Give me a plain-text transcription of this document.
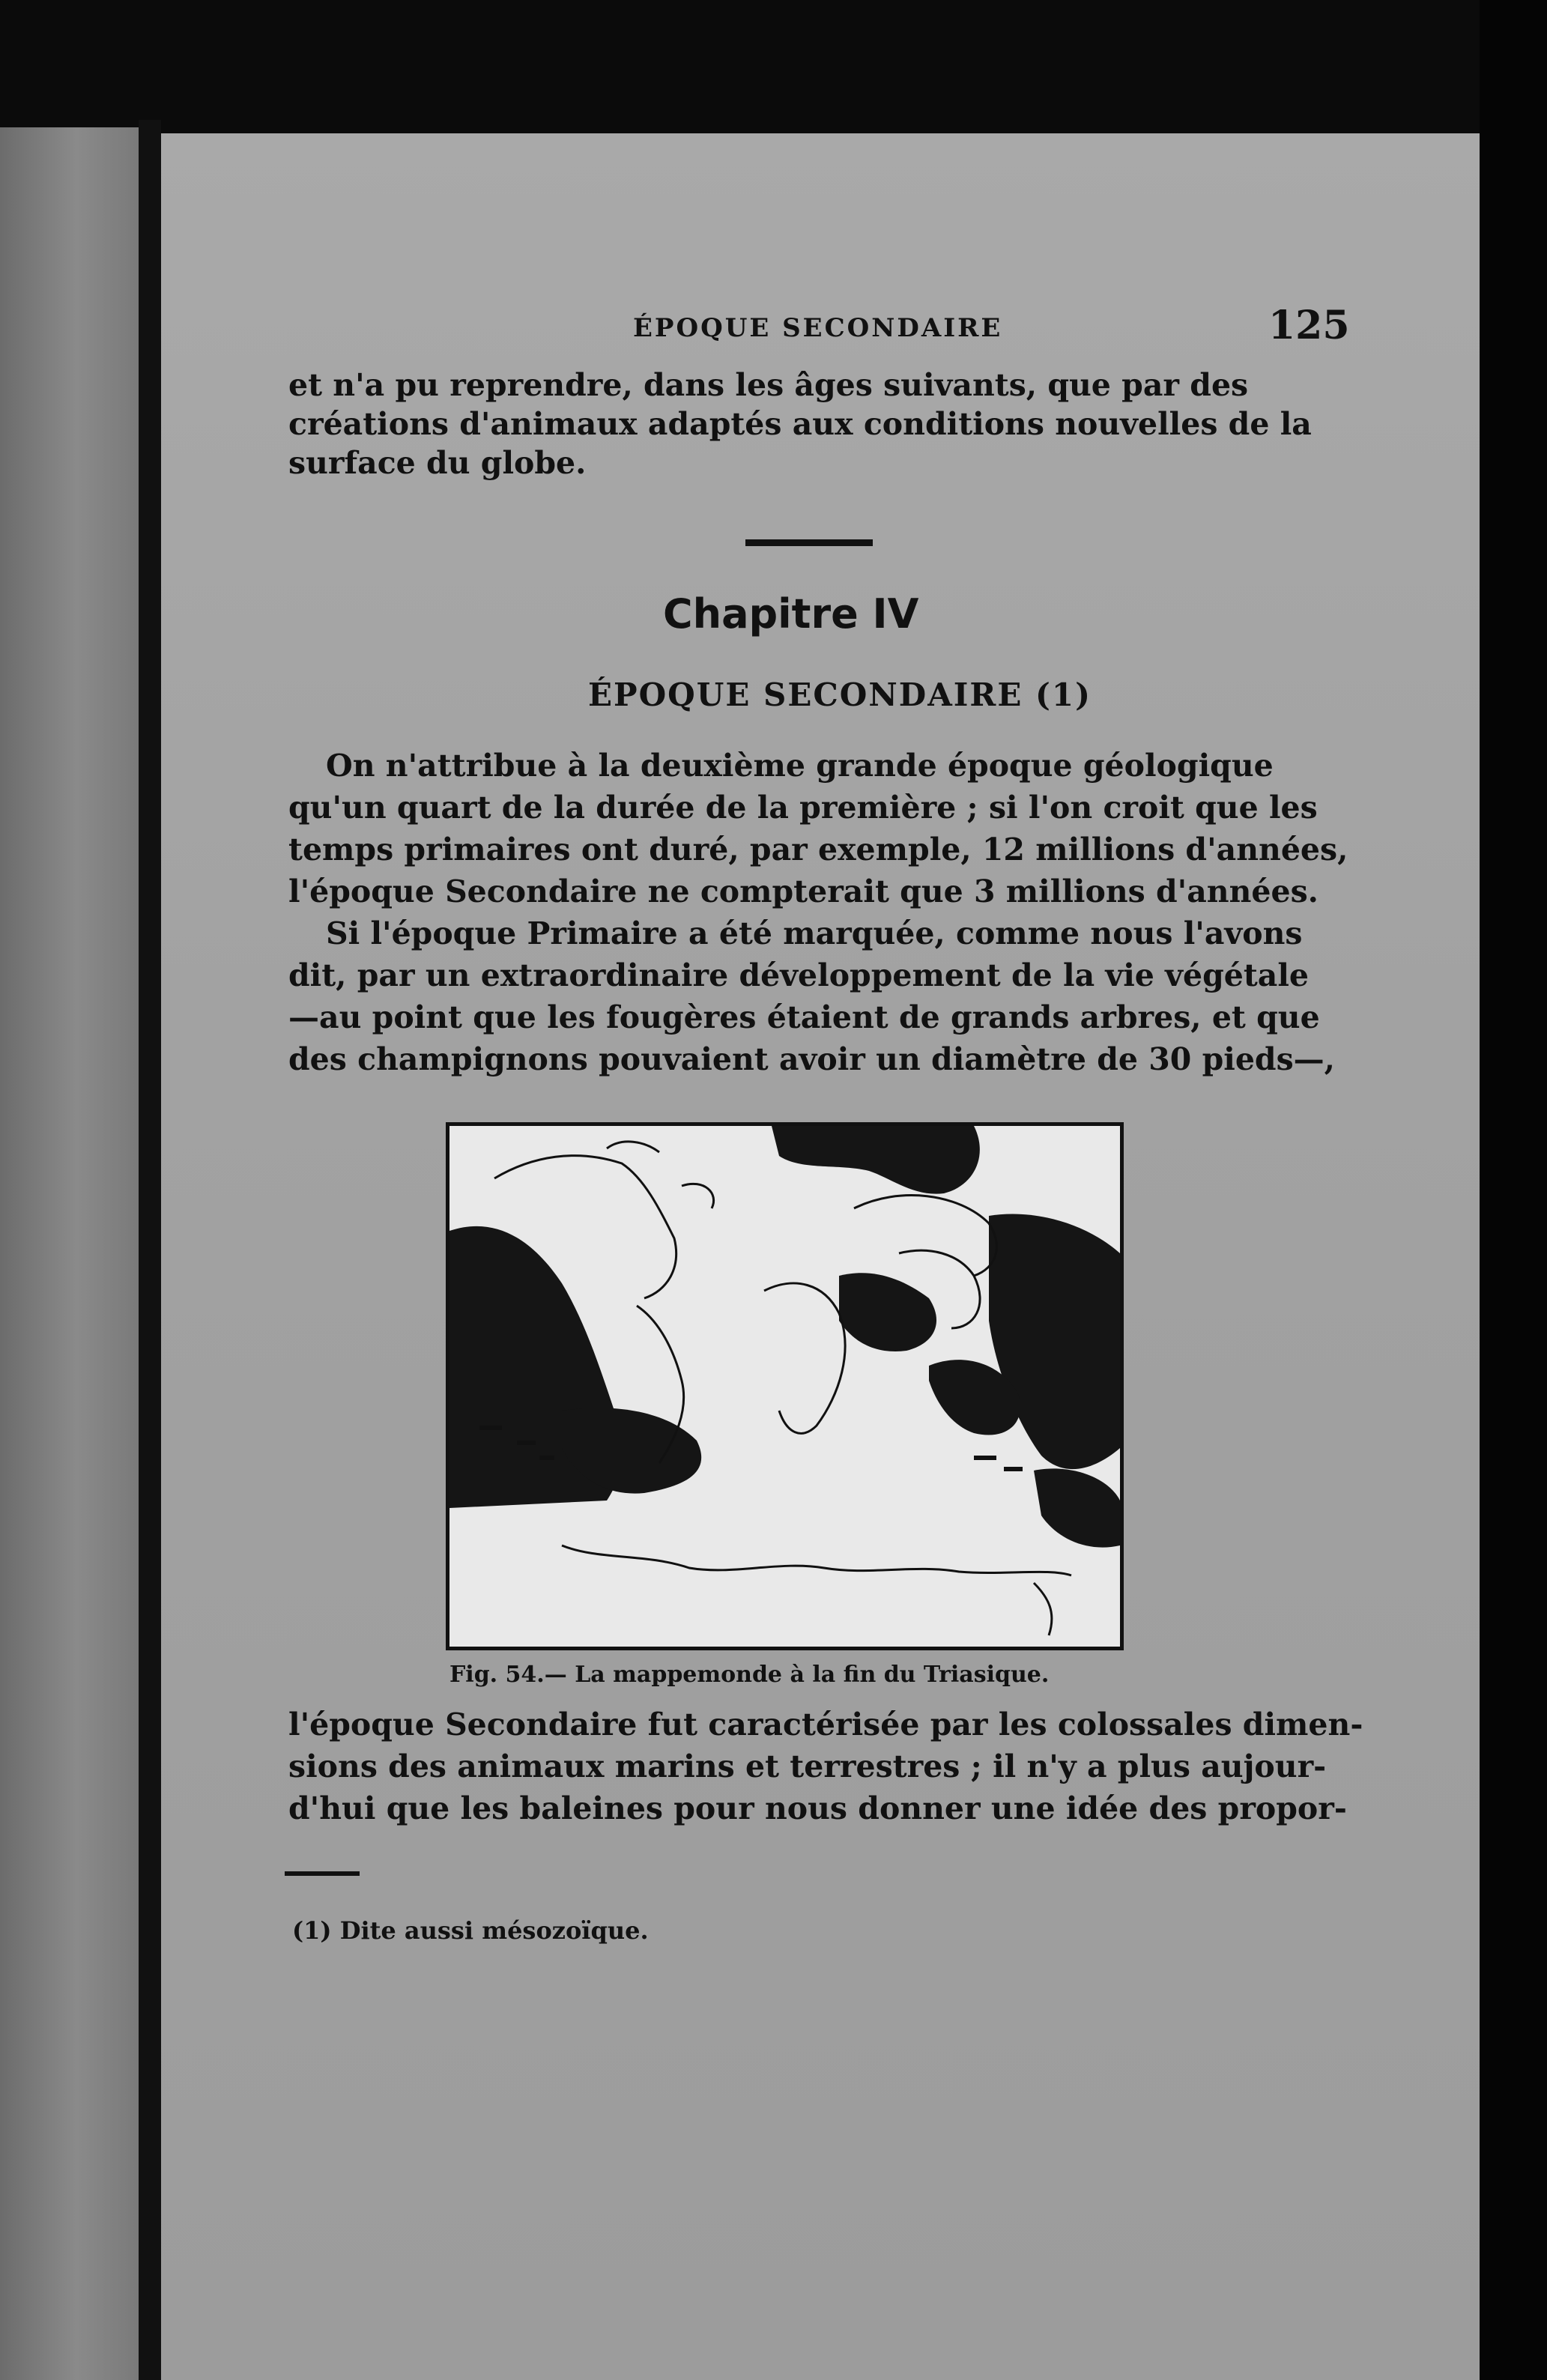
ÉPOQUE SECONDAIRE	125
et n'a pu reprendre, dans les âges suivants, que par des
créations d'animaux adaptés aux conditions nouvelles de la
surface du globe.
Chapitre IV
ÉPOQUE SECONDAIRE (1)
On n'attribue à la deuxième grande époque géologique
qu'un quart de la durée de la première ; si l'on croit que les
temps primaires ont duré, par exemple, 12 millions d'années,
l'époque Secondaire ne compterait que 3 millions d'années.
Si l'époque Primaire a été marquée, comme nous l'avons
dit, par un extraordinaire développement de la vie végétale
—au point que les fougères étaient de grands arbres, et que
des champignons pouvaient avoir un diamètre de 30 pieds—,
Fig. 54.— La mappemonde à la fin du Triasique.
l'époque Secondaire fut caractérisée par les colossales dimen-
sions des animaux marins et terrestres ; il n'y a plus aujour-
d'hui que les baleines pour nous donner une idée des propor-
(1) Dite aussi mésozoïque.
